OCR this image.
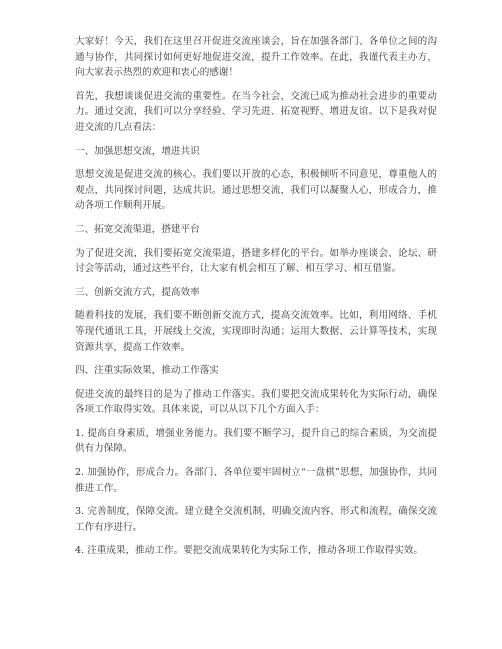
大家好！今天，我们在这里召开促进交流座谈会，旨在加强各部门、各单位之间的沟通与协作，共同探讨如何更好地促进交流，提升工作效率。在此，我谨代表主办方，向大家表示热烈的欢迎和衷心的感谢！

首先，我想谈谈促进交流的重要性。在当今社会，交流已成为推动社会进步的重要动力。通过交流，我们可以分享经验、学习先进、拓宽视野、增进友谊。以下是我对促进交流的几点看法：

一、加强思想交流，增进共识

思想交流是促进交流的核心。我们要以开放的心态，积极倾听不同意见，尊重他人的观点，共同探讨问题，达成共识。通过思想交流，我们可以凝聚人心，形成合力，推动各项工作顺利开展。

二、拓宽交流渠道，搭建平台

为了促进交流，我们要拓宽交流渠道，搭建多样化的平台。如举办座谈会、论坛、研讨会等活动，通过这些平台，让大家有机会相互了解、相互学习、相互借鉴。

三、创新交流方式，提高效率

随着科技的发展，我们要不断创新交流方式，提高交流效率。比如，利用网络、手机等现代通讯工具，开展线上交流，实现即时沟通；运用大数据、云计算等技术，实现资源共享，提高工作效率。

四、注重实际效果，推动工作落实

促进交流的最终目的是为了推动工作落实。我们要把交流成果转化为实际行动，确保各项工作取得实效。具体来说，可以从以下几个方面入手：

1. 提高自身素质，增强业务能力。我们要不断学习，提升自己的综合素质，为交流提供有力保障。

2. 加强协作，形成合力。各部门、各单位要牢固树立“一盘棋”思想，加强协作，共同推进工作。

3. 完善制度，保障交流。建立健全交流机制，明确交流内容、形式和流程，确保交流工作有序进行。

4. 注重成果，推动工作。要把交流成果转化为实际工作，推动各项工作取得实效。
